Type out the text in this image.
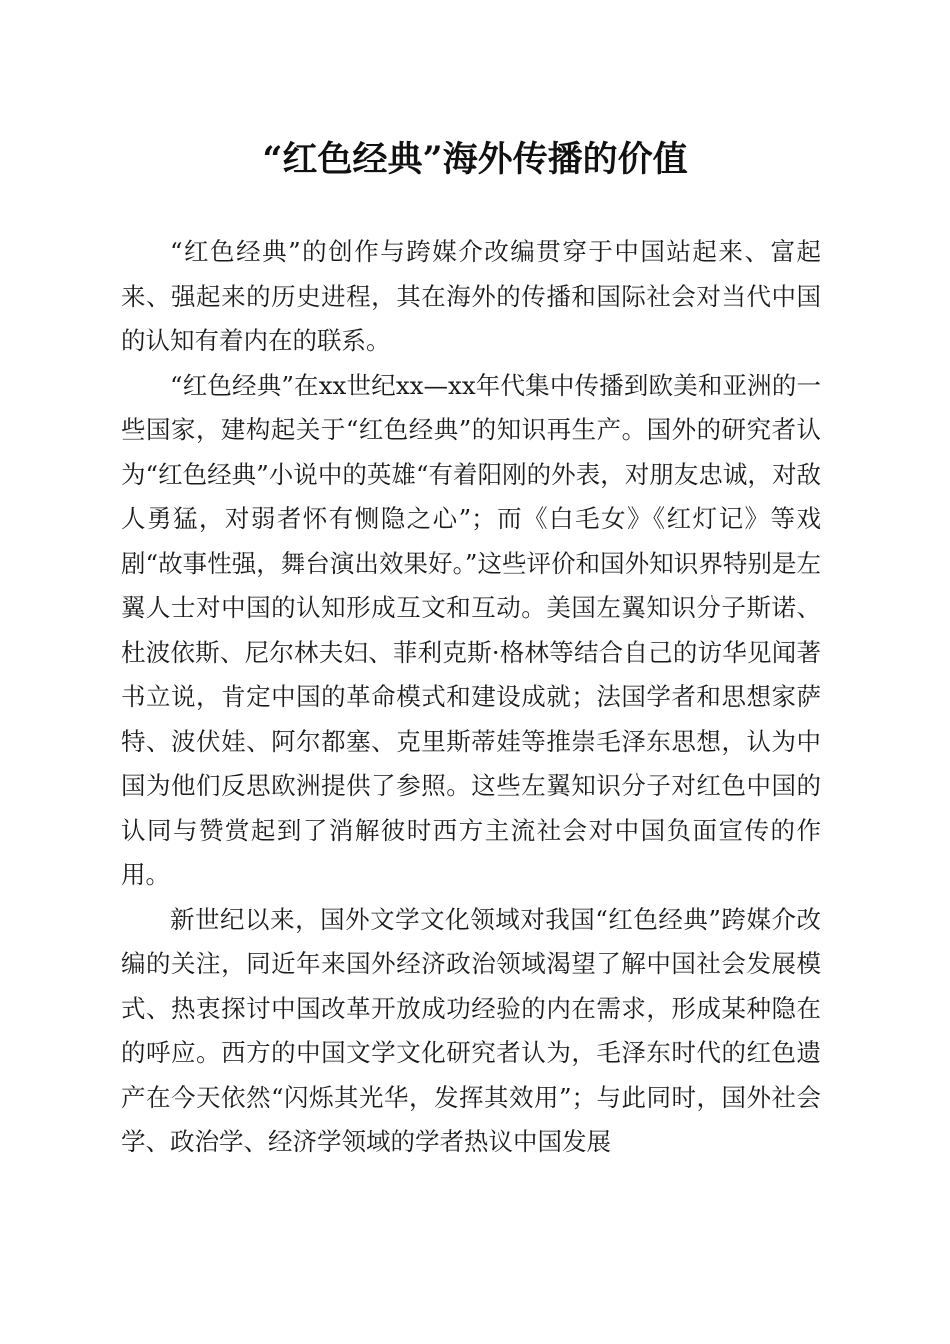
“红色经典”海外传播的价值

“红色经典”的创作与跨媒介改编贯穿于中国站起来、富起来、强起来的历史进程，其在海外的传播和国际社会对当代中国的认知有着内在的联系。

“红色经典”在xx世纪xx—xx年代集中传播到欧美和亚洲的一些国家，建构起关于“红色经典”的知识再生产。国外的研究者认为“红色经典”小说中的英雄“有着阳刚的外表，对朋友忠诚，对敌人勇猛，对弱者怀有恻隐之心”；而《白毛女》《红灯记》等戏剧“故事性强，舞台演出效果好。”这些评价和国外知识界特别是左翼人士对中国的认知形成互文和互动。美国左翼知识分子斯诺、杜波依斯、尼尔林夫妇、菲利克斯·格林等结合自己的访华见闻著书立说，肯定中国的革命模式和建设成就；法国学者和思想家萨特、波伏娃、阿尔都塞、克里斯蒂娃等推崇毛泽东思想，认为中国为他们反思欧洲提供了参照。这些左翼知识分子对红色中国的认同与赞赏起到了消解彼时西方主流社会对中国负面宣传的作用。

新世纪以来，国外文学文化领域对我国“红色经典”跨媒介改编的关注，同近年来国外经济政治领域渴望了解中国社会发展模式、热衷探讨中国改革开放成功经验的内在需求，形成某种隐在的呼应。西方的中国文学文化研究者认为，毛泽东时代的红色遗产在今天依然“闪烁其光华，发挥其效用”；与此同时，国外社会学、政治学、经济学领域的学者热议中国发展
